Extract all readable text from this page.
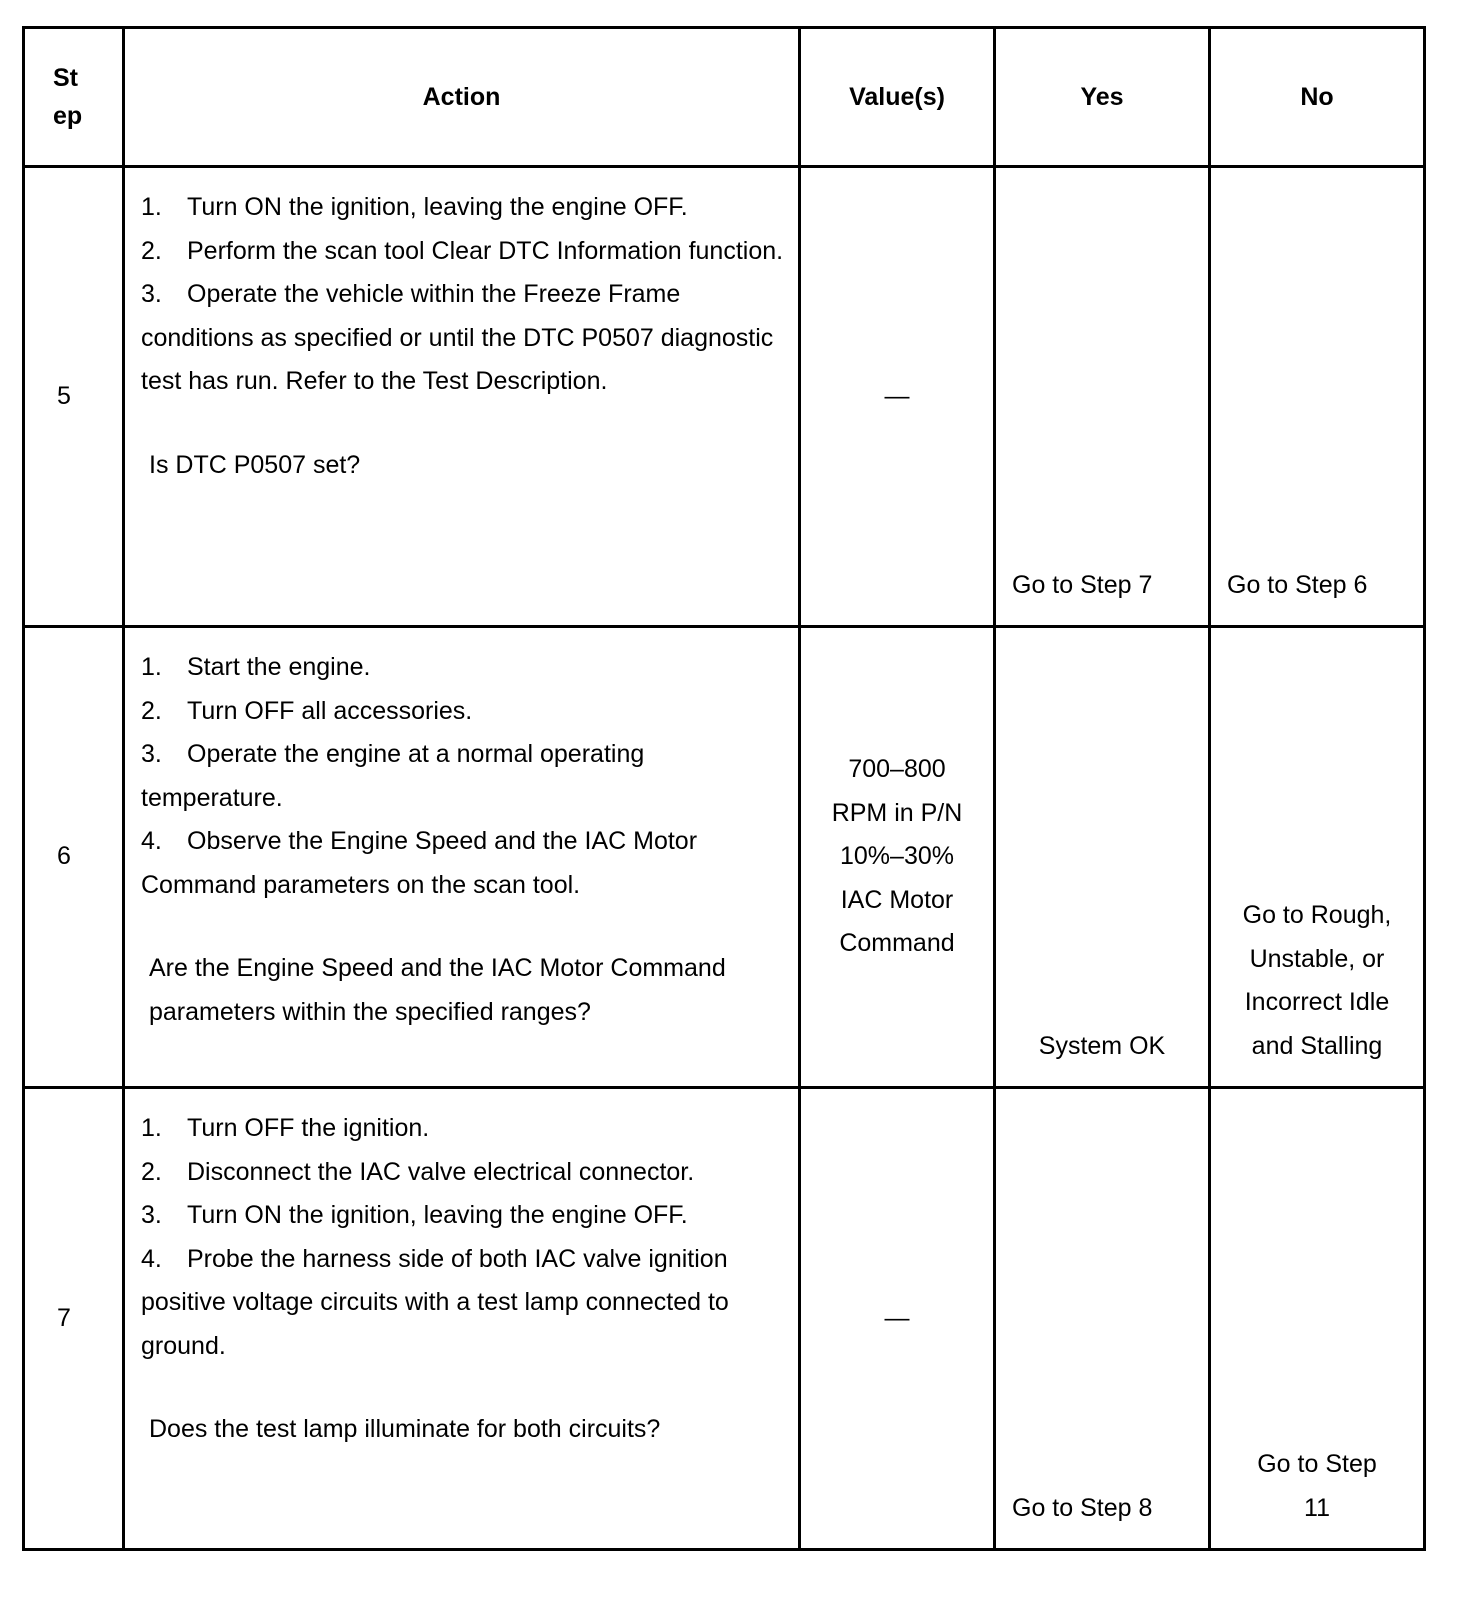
St ep	Action	Value(s)	Yes	No
5	1. Turn ON the ignition, leaving the engine OFF.
2. Perform the scan tool Clear DTC Information function.
3. Operate the vehicle within the Freeze Frame conditions as specified or until the DTC P0507 diagnostic test has run. Refer to the Test Description.
Is DTC P0507 set?	—	Go to Step 7	Go to Step 6
6	1. Start the engine.
2. Turn OFF all accessories.
3. Operate the engine at a normal operating temperature.
4. Observe the Engine Speed and the IAC Motor Command parameters on the scan tool.
Are the Engine Speed and the IAC Motor Command parameters within the specified ranges?	700–800 RPM in P/N 10%–30% IAC Motor Command	System OK	Go to Rough, Unstable, or Incorrect Idle and Stalling

7	1. Turn OFF the ignition.
2. Disconnect the IAC valve electrical connector.
3. Turn ON the ignition, leaving the engine OFF.
4. Probe the harness side of both IAC valve ignition positive voltage circuits with a test lamp connected to ground.
Does the test lamp illuminate for both circuits?	—	Go to Step 8	Go to Step 11
